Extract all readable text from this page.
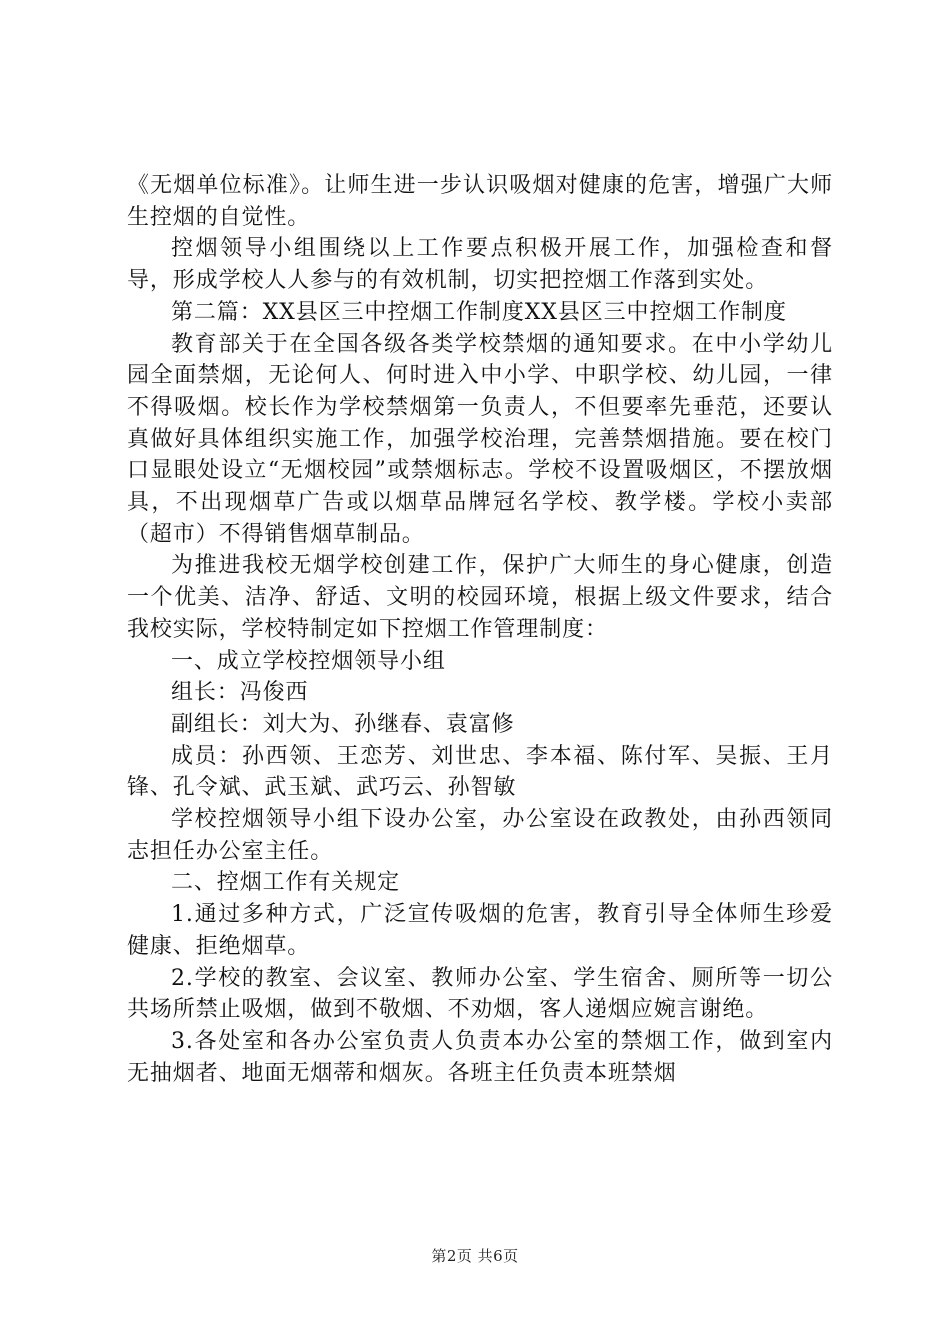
《无烟单位标准》。让师生进一步认识吸烟对健康的危害，增强广大师生控烟的自觉性。

控烟领导小组围绕以上工作要点积极开展工作，加强检查和督导，形成学校人人参与的有效机制，切实把控烟工作落到实处。

第二篇：XX县区三中控烟工作制度XX县区三中控烟工作制度

教育部关于在全国各级各类学校禁烟的通知要求。在中小学幼儿园全面禁烟，无论何人、何时进入中小学、中职学校、幼儿园，一律不得吸烟。校长作为学校禁烟第一负责人，不但要率先垂范，还要认真做好具体组织实施工作，加强学校治理，完善禁烟措施。要在校门口显眼处设立“无烟校园”或禁烟标志。学校不设置吸烟区，不摆放烟具，不出现烟草广告或以烟草品牌冠名学校、教学楼。学校小卖部（超市）不得销售烟草制品。

为推进我校无烟学校创建工作，保护广大师生的身心健康，创造一个优美、洁净、舒适、文明的校园环境，根据上级文件要求，结合我校实际，学校特制定如下控烟工作管理制度：

一、成立学校控烟领导小组

组长：冯俊西

副组长：刘大为、孙继春、袁富修

成员：孙西领、王恋芳、刘世忠、李本福、陈付军、吴振、王月锋、孔令斌、武玉斌、武巧云、孙智敏

学校控烟领导小组下设办公室，办公室设在政教处，由孙西领同志担任办公室主任。

二、控烟工作有关规定

1.通过多种方式，广泛宣传吸烟的危害，教育引导全体师生珍爱健康、拒绝烟草。

2.学校的教室、会议室、教师办公室、学生宿舍、厕所等一切公共场所禁止吸烟，做到不敬烟、不劝烟，客人递烟应婉言谢绝。

3.各处室和各办公室负责人负责本办公室的禁烟工作，做到室内无抽烟者、地面无烟蒂和烟灰。各班主任负责本班禁烟

第2页 共6页
